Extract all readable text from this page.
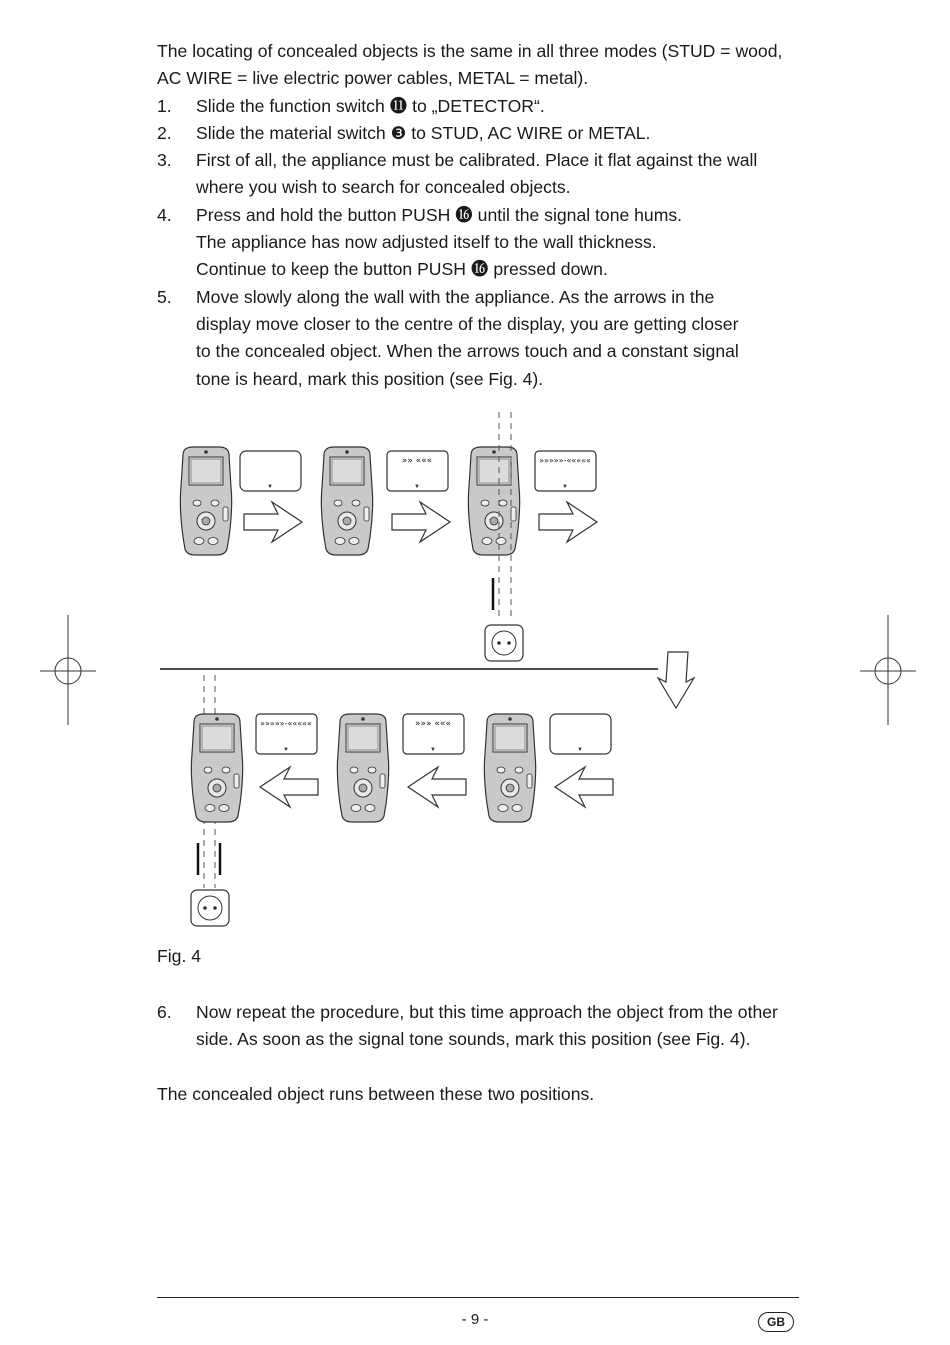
The locating of concealed objects is the same in all three modes (STUD = wood,
AC WIRE = live electric power cables, METAL = metal).

1. Slide the function switch ⓫ to „DETECTOR“.
2. Slide the material switch ❸ to STUD, AC WIRE or METAL.
3. First of all, the appliance must be calibrated. Place it flat against the wall
where you wish to search for concealed objects.
4. Press and hold the button PUSH ⓰ until the signal tone hums.
The appliance has now adjusted itself to the wall thickness.
Continue to keep the button PUSH ⓰ pressed down.
5. Move slowly along the wall with the appliance. As the arrows in the
display move closer to the centre of the display, you are getting closer
to the concealed object. When the arrows touch and a constant signal
tone is heard, mark this position (see Fig. 4).
▼
»» «««
▼
»»»»»-«««««
▼
»»»»»-«««««
▼
»»» «««
▼	▼
Fig. 4
6. Now repeat the procedure, but this time approach the object from the other
side. As soon as the signal tone sounds, mark this position (see Fig. 4).

The concealed object runs between these two positions.

- 9 -	GB
